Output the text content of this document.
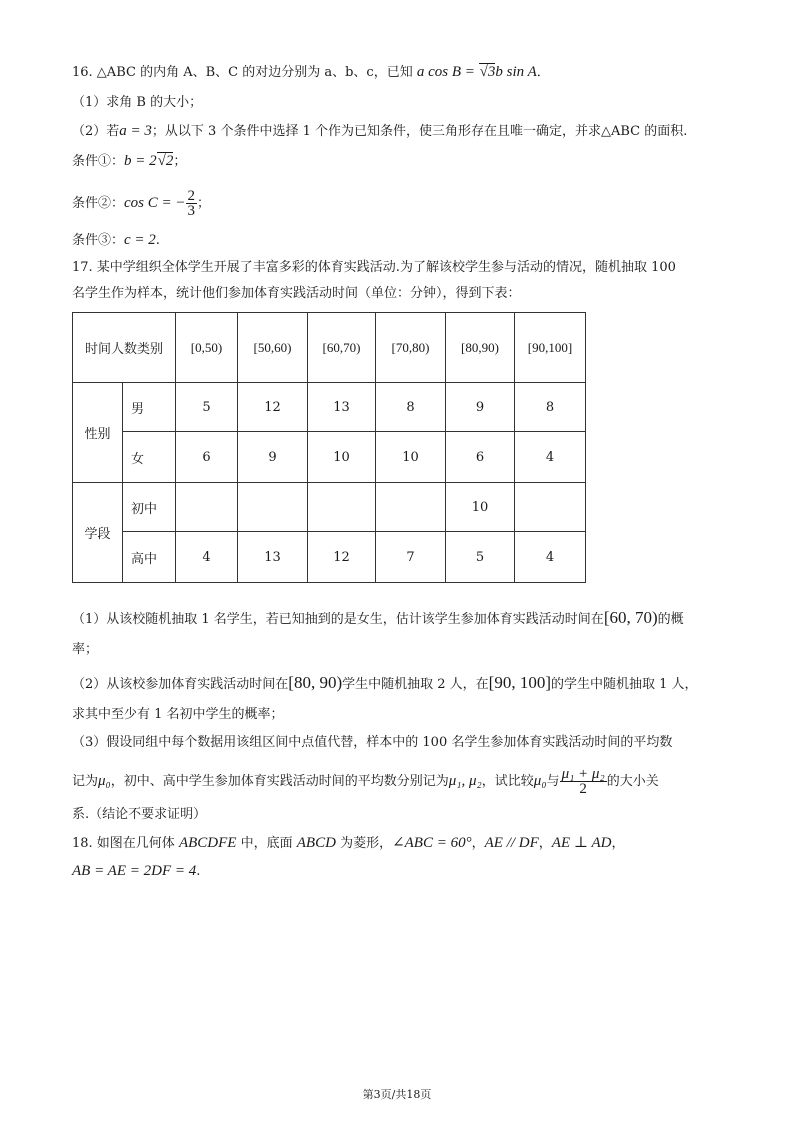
16. △ABC 的内角 A、B、C 的对边分别为 a、b、c，已知 a cos B = √3b sin A．
（1）求角 B 的大小；
（2）若a = 3；从以下 3 个条件中选择 1 个作为已知条件，使三角形存在且唯一确定，并求△ABC 的面积.
条件①：b = 2√2；
条件②：cos C = − $\frac{2}{3}$ ；
条件③：c = 2.
17. 某中学组织全体学生开展了丰富多彩的体育实践活动.为了解该校学生参与活动的情况，随机抽取 100
名学生作为样本，统计他们参加体育实践活动时间（单位：分钟），得到下表：
时间人数类别		[0,50)	[50,60)	[60,70)	[70,80)	[80,90)	[90,100]
性别	男	5	12	13	8	9	8
	女	6	9	10	10	6	4
学段	初中					10	
	高中	4	13	12	7	5	4
（1）从该校随机抽取 1 名学生，若已知抽到的是女生，估计该学生参加体育实践活动时间在[60, 70)的概
率；
（2）从该校参加体育实践活动时间在[80, 90)学生中随机抽取 2 人，在[90, 100]的学生中随机抽取 1 人，
求其中至少有 1 名初中学生的概率；
（3）假设同组中每个数据用该组区间中点值代替，样本中的 100 名学生参加体育实践活动时间的平均数
记为μ₀，初中、高中学生参加体育实践活动时间的平均数分别记为μ₁, μ₂，试比较μ₀与 $\frac{\text{μ₁ + μ₂}}{2}$ 的大小关
系.（结论不要求证明）
18. 如图在几何体 ABCDFE 中，底面 ABCD 为菱形，∠ABC = 60°，AE // DF，AE ⊥ AD，
AB = AE = 2DF = 4.
第3页/共18页
